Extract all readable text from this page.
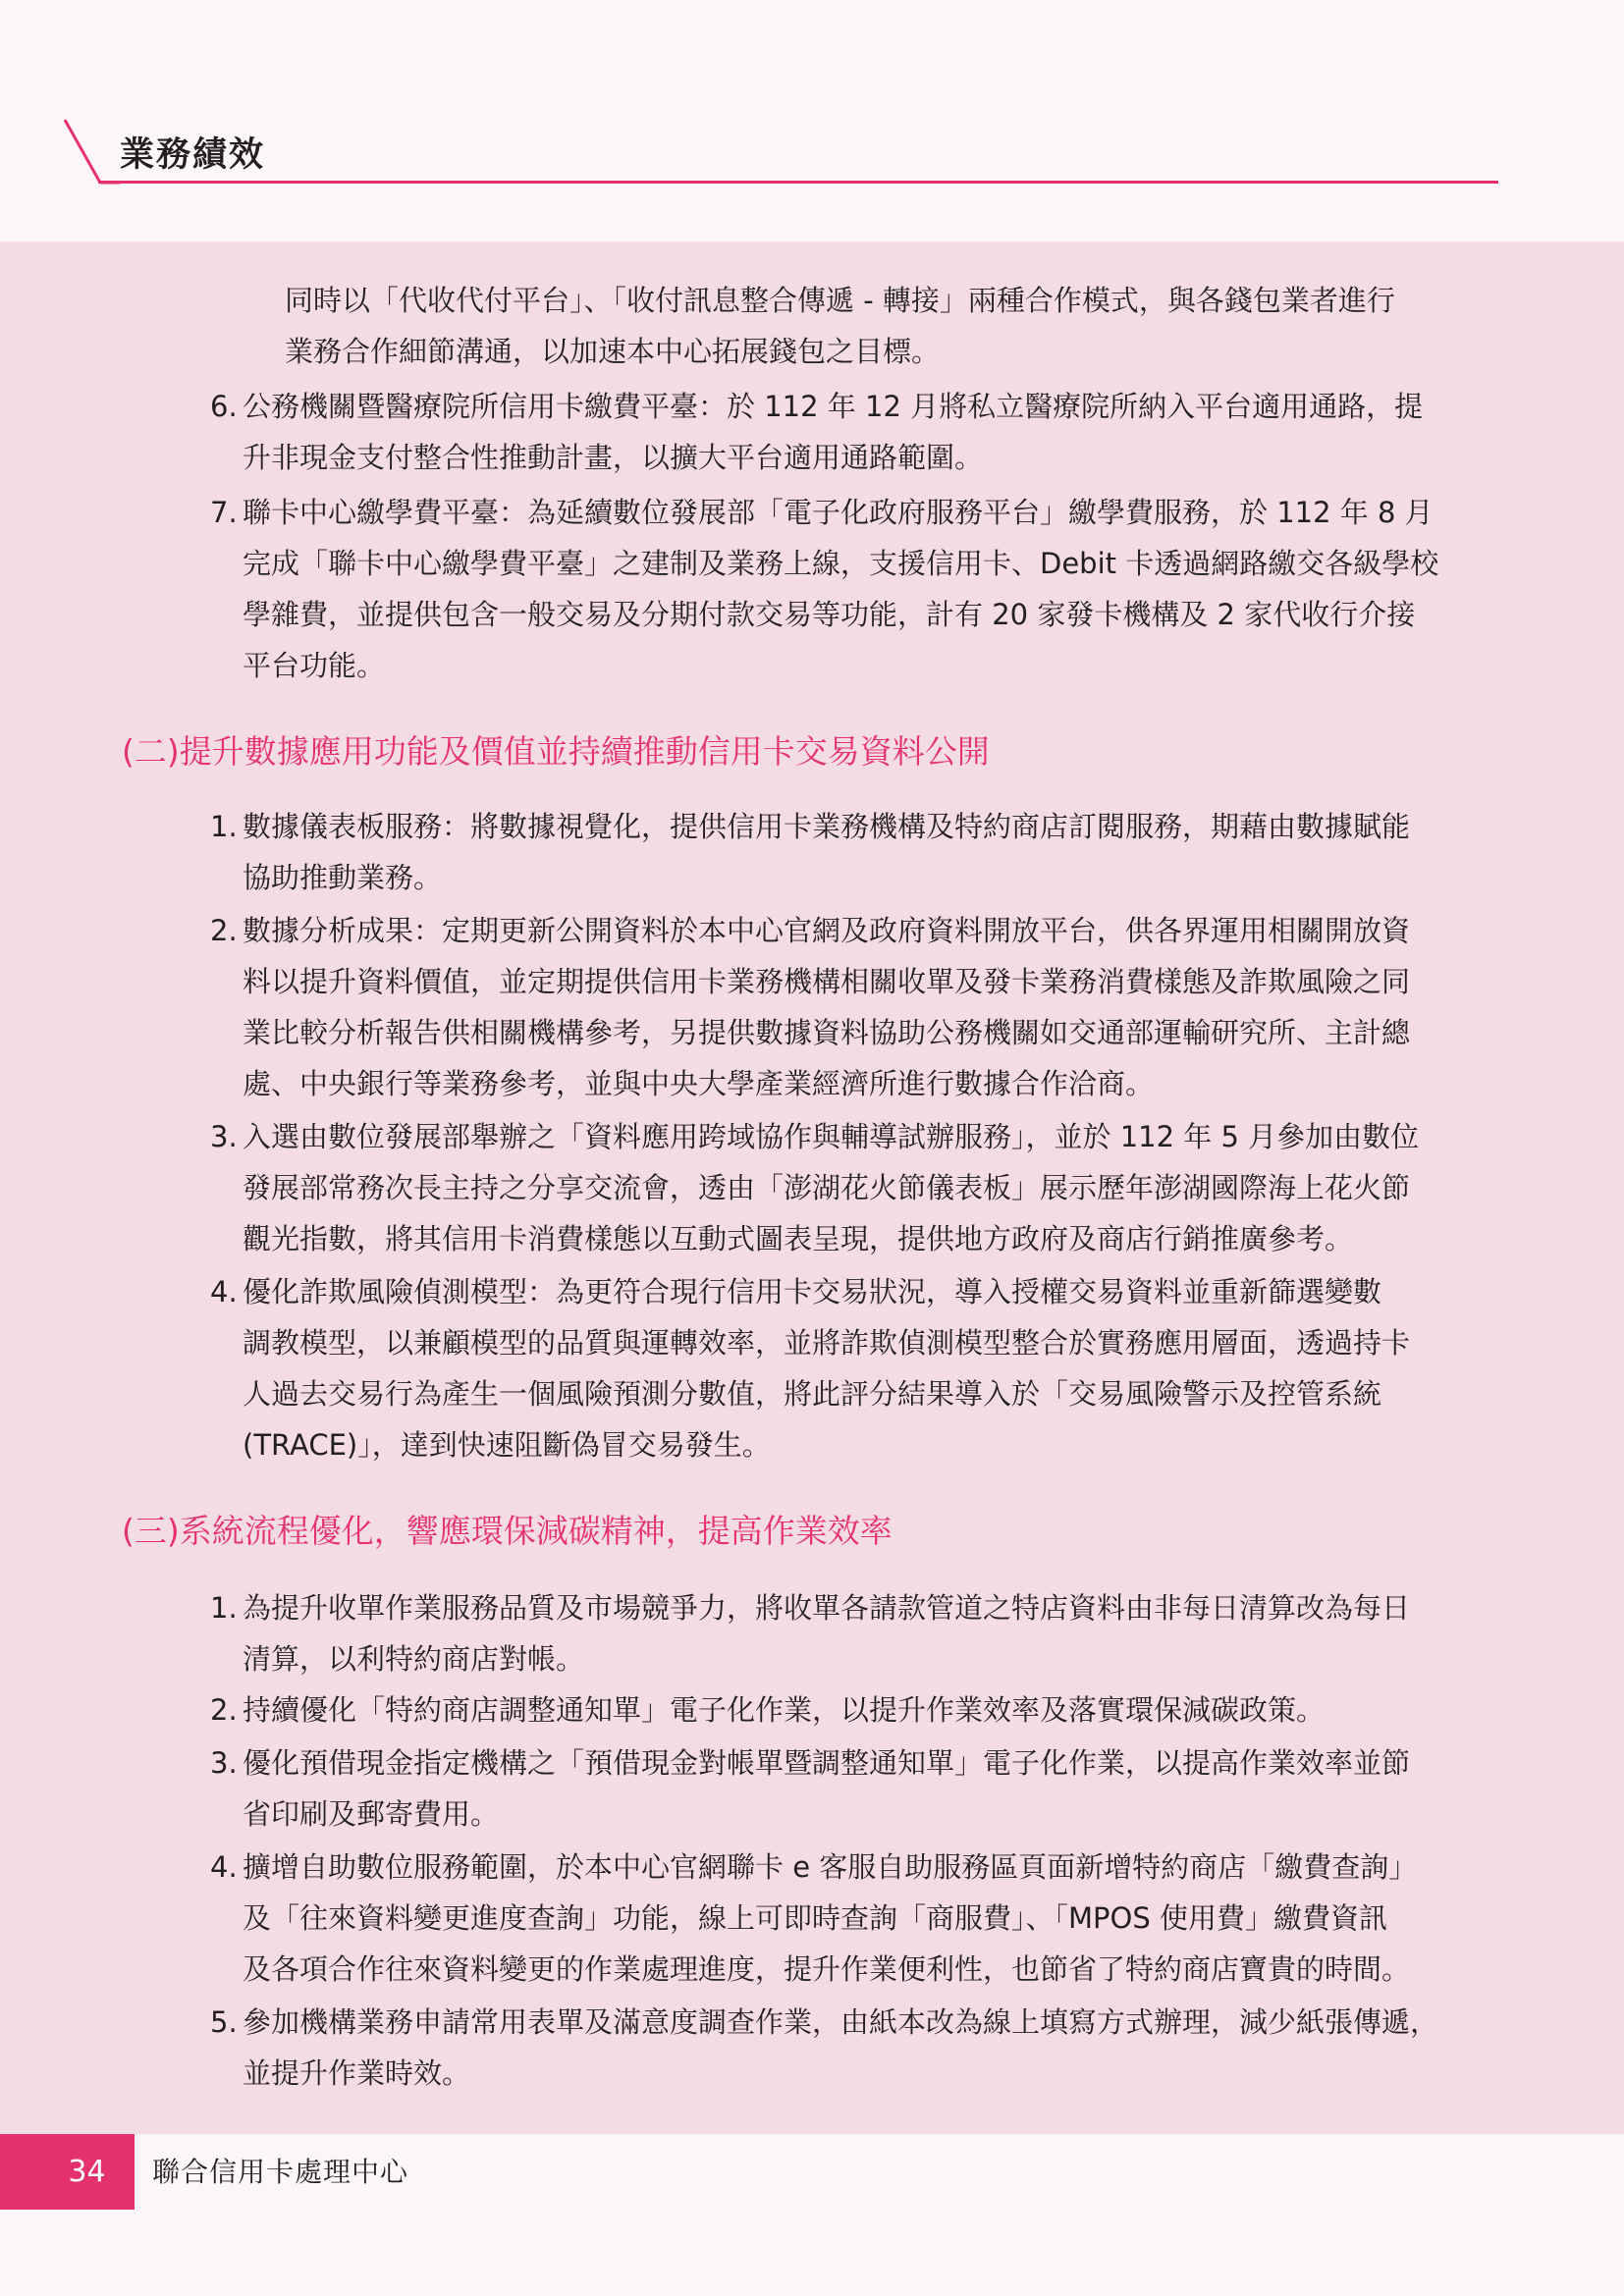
業務績效
同時以「代收代付平台」、「收付訊息整合傳遞 - 轉接」兩種合作模式，與各錢包業者進行
業務合作細節溝通，以加速本中心拓展錢包之目標。
6. 公務機關暨醫療院所信用卡繳費平臺：於 112 年 12 月將私立醫療院所納入平台適用通路，提
升非現金支付整合性推動計畫，以擴大平台適用通路範圍。
7. 聯卡中心繳學費平臺：為延續數位發展部「電子化政府服務平台」繳學費服務，於 112 年 8 月
完成「聯卡中心繳學費平臺」之建制及業務上線，支援信用卡、Debit 卡透過網路繳交各級學校
學雜費，並提供包含一般交易及分期付款交易等功能，計有 20 家發卡機構及 2 家代收行介接
平台功能。
(二)提升數據應用功能及價值並持續推動信用卡交易資料公開
1. 數據儀表板服務：將數據視覺化，提供信用卡業務機構及特約商店訂閱服務，期藉由數據賦能
協助推動業務。
2. 數據分析成果：定期更新公開資料於本中心官網及政府資料開放平台，供各界運用相關開放資
料以提升資料價值，並定期提供信用卡業務機構相關收單及發卡業務消費樣態及詐欺風險之同
業比較分析報告供相關機構參考，另提供數據資料協助公務機關如交通部運輸研究所、主計總
處、中央銀行等業務參考，並與中央大學產業經濟所進行數據合作洽商。
3. 入選由數位發展部舉辦之「資料應用跨域協作與輔導試辦服務」，並於 112 年 5 月參加由數位
發展部常務次長主持之分享交流會，透由「澎湖花火節儀表板」展示歷年澎湖國際海上花火節
觀光指數，將其信用卡消費樣態以互動式圖表呈現，提供地方政府及商店行銷推廣參考。
4. 優化詐欺風險偵測模型：為更符合現行信用卡交易狀況，導入授權交易資料並重新篩選變數
調教模型，以兼顧模型的品質與運轉效率，並將詐欺偵測模型整合於實務應用層面，透過持卡
人過去交易行為產生一個風險預測分數值，將此評分結果導入於「交易風險警示及控管系統
(TRACE)」，達到快速阻斷偽冒交易發生。
(三)系統流程優化，響應環保減碳精神，提高作業效率
1. 為提升收單作業服務品質及市場競爭力，將收單各請款管道之特店資料由非每日清算改為每日
清算，以利特約商店對帳。
2. 持續優化「特約商店調整通知單」電子化作業，以提升作業效率及落實環保減碳政策。
3. 優化預借現金指定機構之「預借現金對帳單暨調整通知單」電子化作業，以提高作業效率並節
省印刷及郵寄費用。
4. 擴增自助數位服務範圍，於本中心官網聯卡 e 客服自助服務區頁面新增特約商店「繳費查詢」
及「往來資料變更進度查詢」功能，線上可即時查詢「商服費」、「MPOS 使用費」繳費資訊
及各項合作往來資料變更的作業處理進度，提升作業便利性，也節省了特約商店寶貴的時間。
5. 參加機構業務申請常用表單及滿意度調查作業，由紙本改為線上填寫方式辦理，減少紙張傳遞，
並提升作業時效。
34	聯合信用卡處理中心
